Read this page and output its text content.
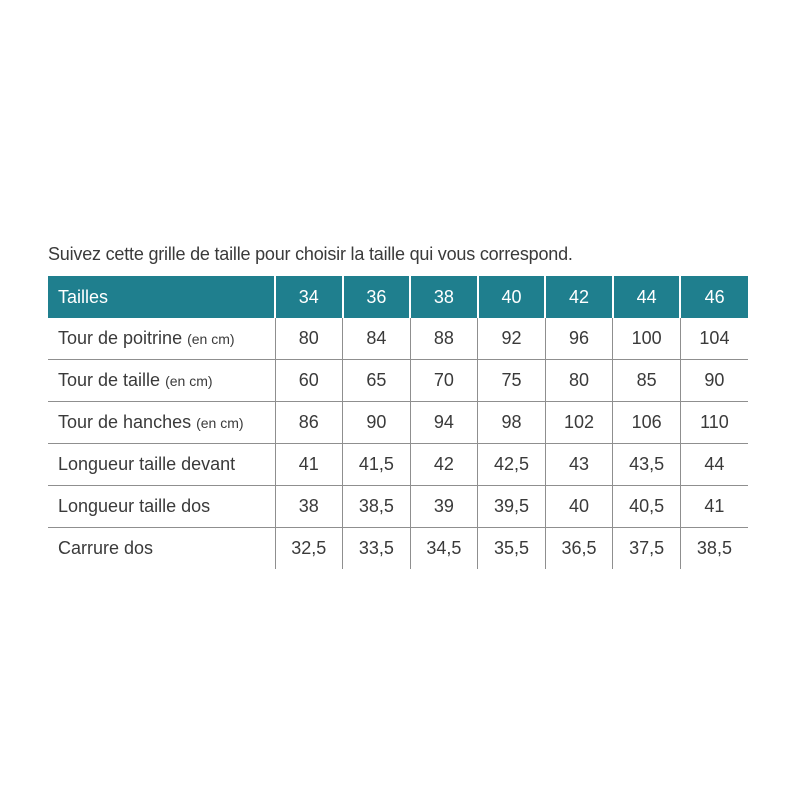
Suivez cette grille de taille pour choisir la taille qui vous correspond.

Tailles	34	36	38	40	42	44	46
Tour de poitrine (en cm)	80	84	88	92	96	100	104
Tour de taille (en cm)	60	65	70	75	80	85	90
Tour de hanches (en cm)	86	90	94	98	102	106	110
Longueur taille devant	41	41,5	42	42,5	43	43,5	44
Longueur taille dos	38	38,5	39	39,5	40	40,5	41
Carrure dos	32,5	33,5	34,5	35,5	36,5	37,5	38,5
